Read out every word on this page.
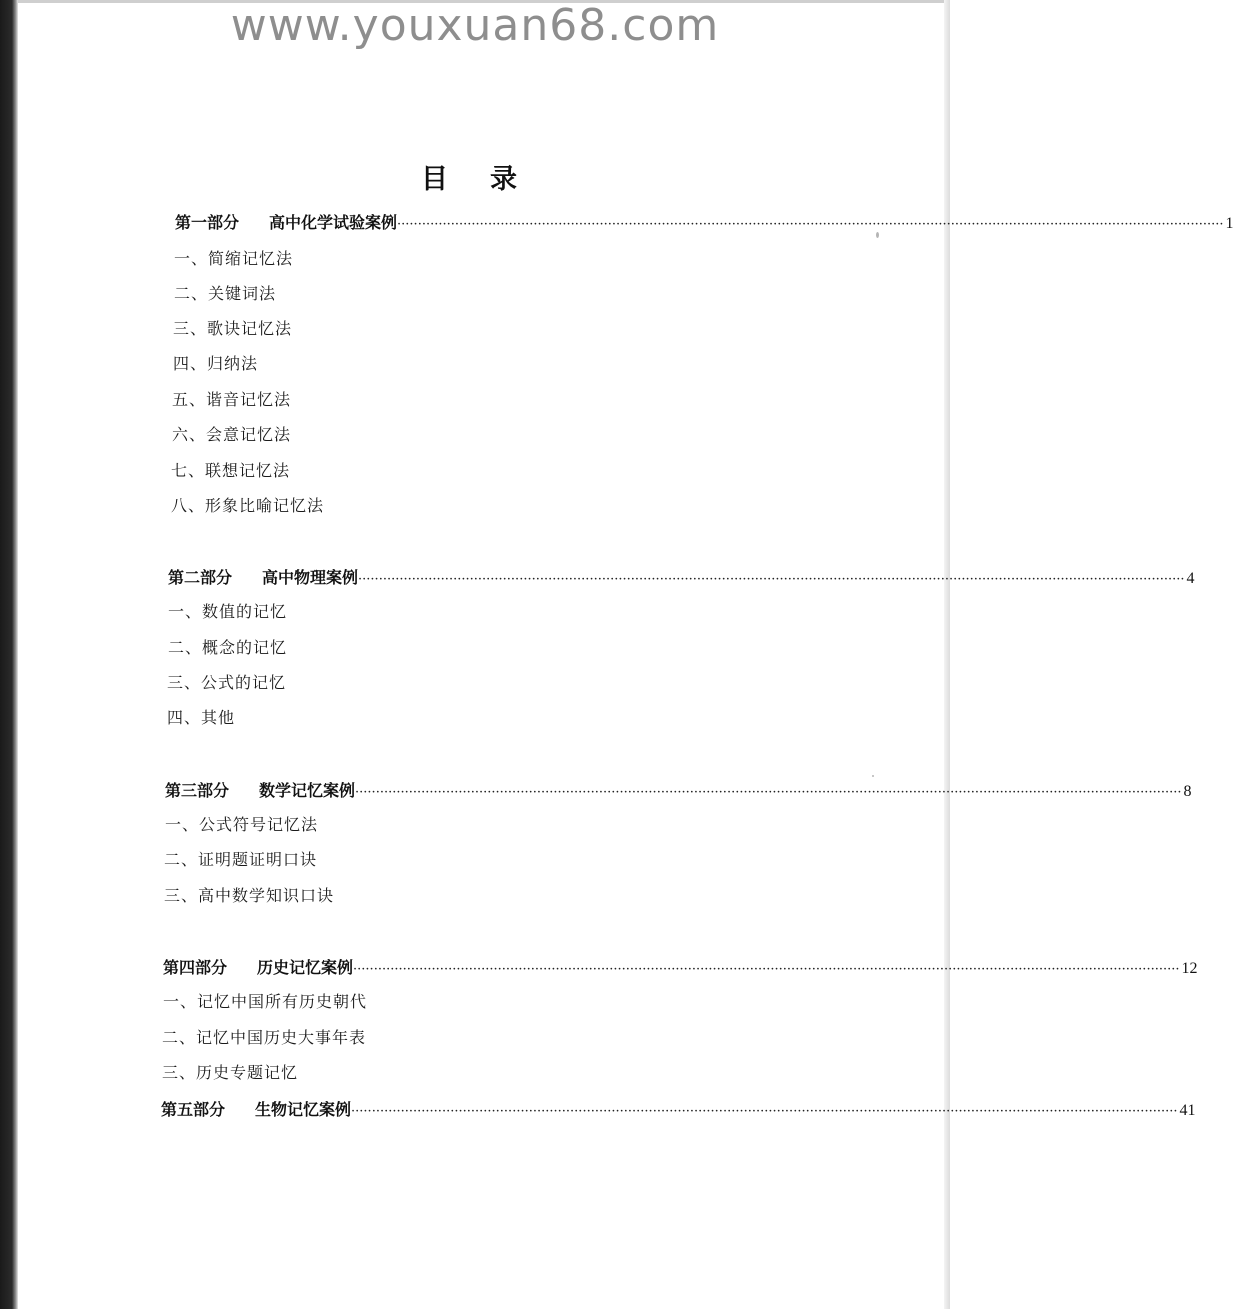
www.youxuan68.com
目录
第一部分 高中化学试验案例 ········································································································································································································ 1
一、简缩记忆法
二、关键词法
三、歌诀记忆法
四、归纳法
五、谐音记忆法
六、会意记忆法
七、联想记忆法
八、形象比喻记忆法
第二部分 高中物理案例 ········································································································································································································ 4
一、数值的记忆
二、概念的记忆
三、公式的记忆
四、其他
第三部分 数学记忆案例 ········································································································································································································ 8
一、公式符号记忆法
二、证明题证明口诀
三、高中数学知识口诀
第四部分 历史记忆案例 ········································································································································································································ 12
一、记忆中国所有历史朝代
二、记忆中国历史大事年表
三、历史专题记忆
第五部分 生物记忆案例 ········································································································································································································ 41
